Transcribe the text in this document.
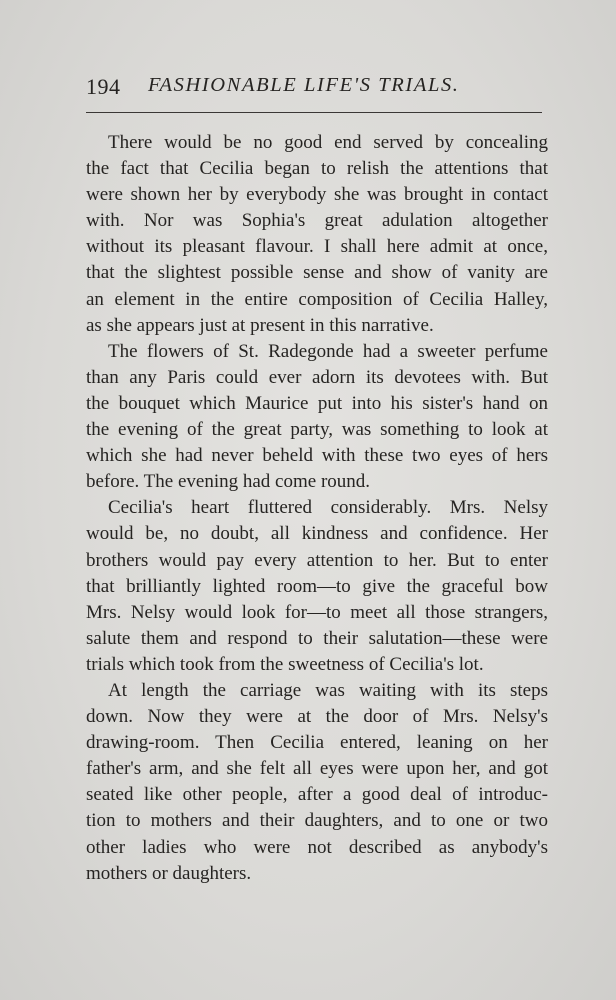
194 FASHIONABLE LIFE'S TRIALS.
There would be no good end served by concealing
the fact that Cecilia began to relish the attentions that
were shown her by everybody she was brought in contact
with. Nor was Sophia's great adulation altogether
without its pleasant flavour. I shall here admit at once,
that the slightest possible sense and show of vanity are
an element in the entire composition of Cecilia Halley,
as she appears just at present in this narrative.
The flowers of St. Radegonde had a sweeter perfume
than any Paris could ever adorn its devotees with. But
the bouquet which Maurice put into his sister's hand on
the evening of the great party, was something to look at
which she had never beheld with these two eyes of hers
before. The evening had come round.
Cecilia's heart fluttered considerably. Mrs. Nelsy
would be, no doubt, all kindness and confidence. Her
brothers would pay every attention to her. But to enter
that brilliantly lighted room—to give the graceful bow
Mrs. Nelsy would look for—to meet all those strangers,
salute them and respond to their salutation—these were
trials which took from the sweetness of Cecilia's lot.
At length the carriage was waiting with its steps
down. Now they were at the door of Mrs. Nelsy's
drawing-room. Then Cecilia entered, leaning on her
father's arm, and she felt all eyes were upon her, and got
seated like other people, after a good deal of introduc-
tion to mothers and their daughters, and to one or two
other ladies who were not described as anybody's
mothers or daughters.
